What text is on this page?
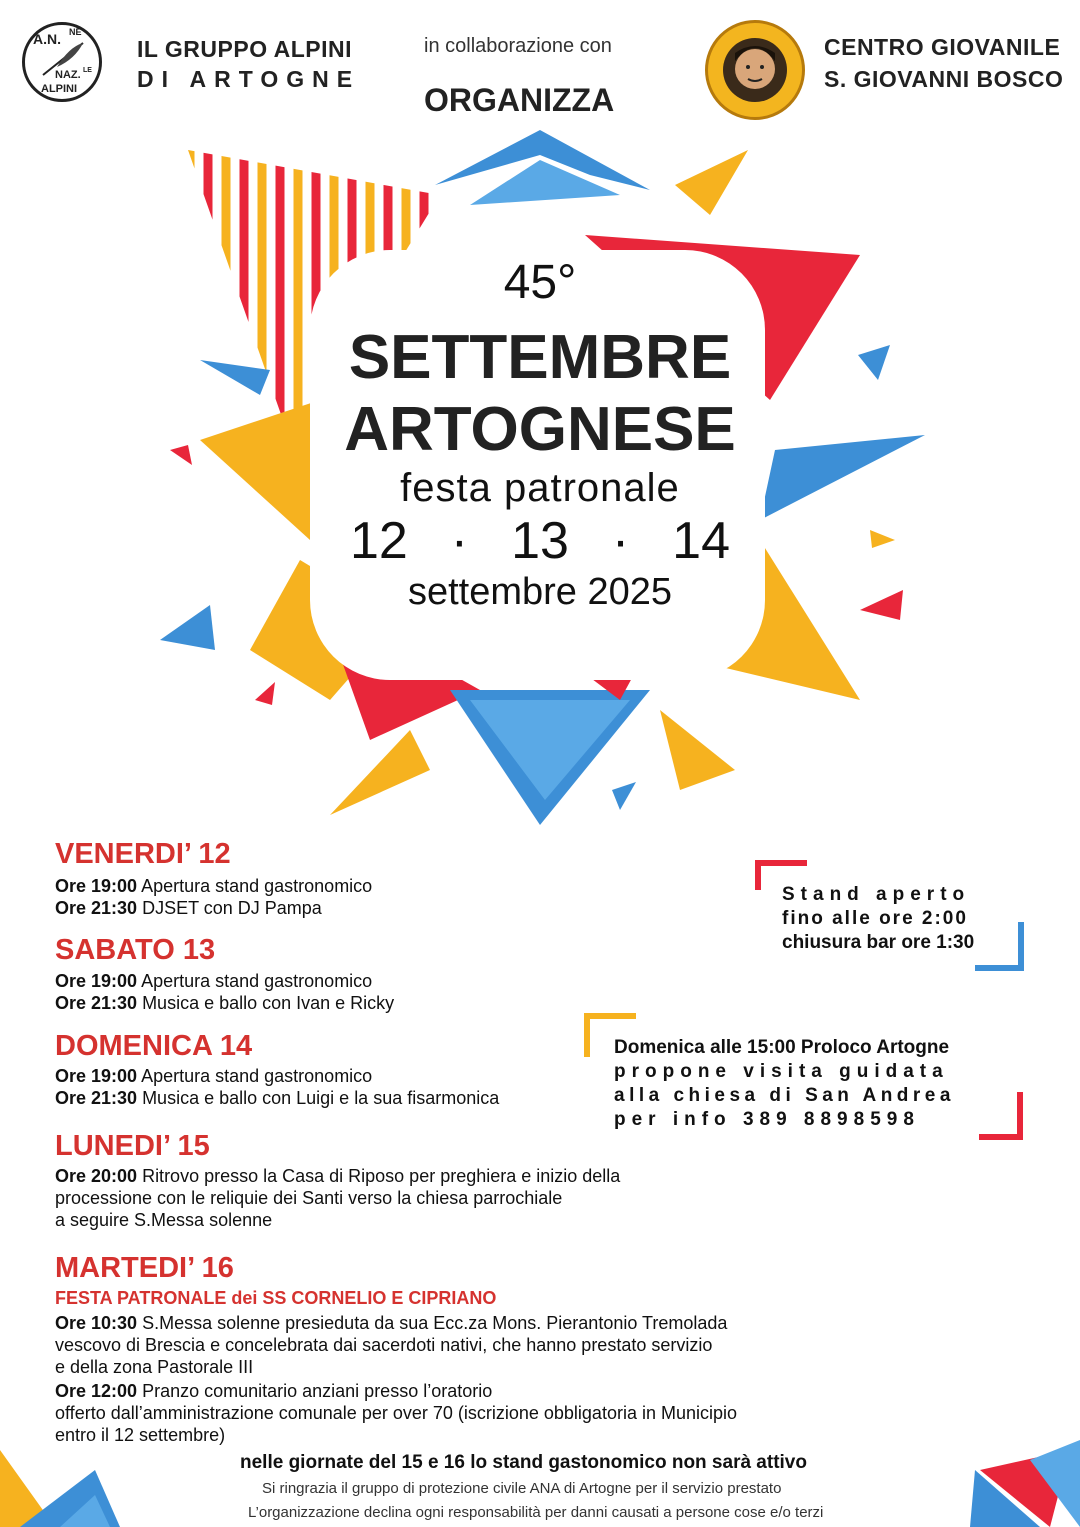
A.N. NE
NAZ. LE
ALPINI
IL GRUPPO ALPINI
DI ARTOGNE
in collaborazione con
ORGANIZZA
CENTRO GIOVANILE
S. GIOVANNI BOSCO
45°
SETTEMBRE
ARTOGNESE
festa patronale
12 · 13 · 14
settembre 2025
VENERDI’ 12
Ore 19:00 Apertura stand gastronomico
Ore 21:30 DJSET con DJ Pampa
SABATO 13
Ore 19:00 Apertura stand gastronomico
Ore 21:30 Musica e ballo con Ivan e Ricky
DOMENICA 14
Ore 19:00 Apertura stand gastronomico
Ore 21:30 Musica e ballo con Luigi e la sua fisarmonica
LUNEDI’ 15
Ore 20:00 Ritrovo presso la Casa di Riposo per preghiera e inizio della
processione con le reliquie dei Santi verso la chiesa parrochiale
a seguire S.Messa solenne
MARTEDI’ 16
FESTA PATRONALE dei SS CORNELIO E CIPRIANO
Ore 10:30 S.Messa solenne presieduta da sua Ecc.za Mons. Pierantonio Tremolada
vescovo di Brescia e concelebrata dai sacerdoti nativi, che hanno prestato servizio
e della zona Pastorale III
Ore 12:00 Pranzo comunitario anziani presso l’oratorio
offerto dall’amministrazione comunale per over 70 (iscrizione obbligatoria in Municipio
entro il 12 settembre)
Stand aperto
fino alle ore 2:00
chiusura bar ore 1:30
Domenica alle 15:00 Proloco Artogne
propone visita guidata
alla chiesa di San Andrea
per info 389 8898598
nelle giornate del 15 e 16 lo stand gastonomico non sarà attivo
Si ringrazia il gruppo di protezione civile ANA di Artogne per il servizio prestato
L’organizzazione declina ogni responsabilità per danni causati a persone cose e/o terzi
